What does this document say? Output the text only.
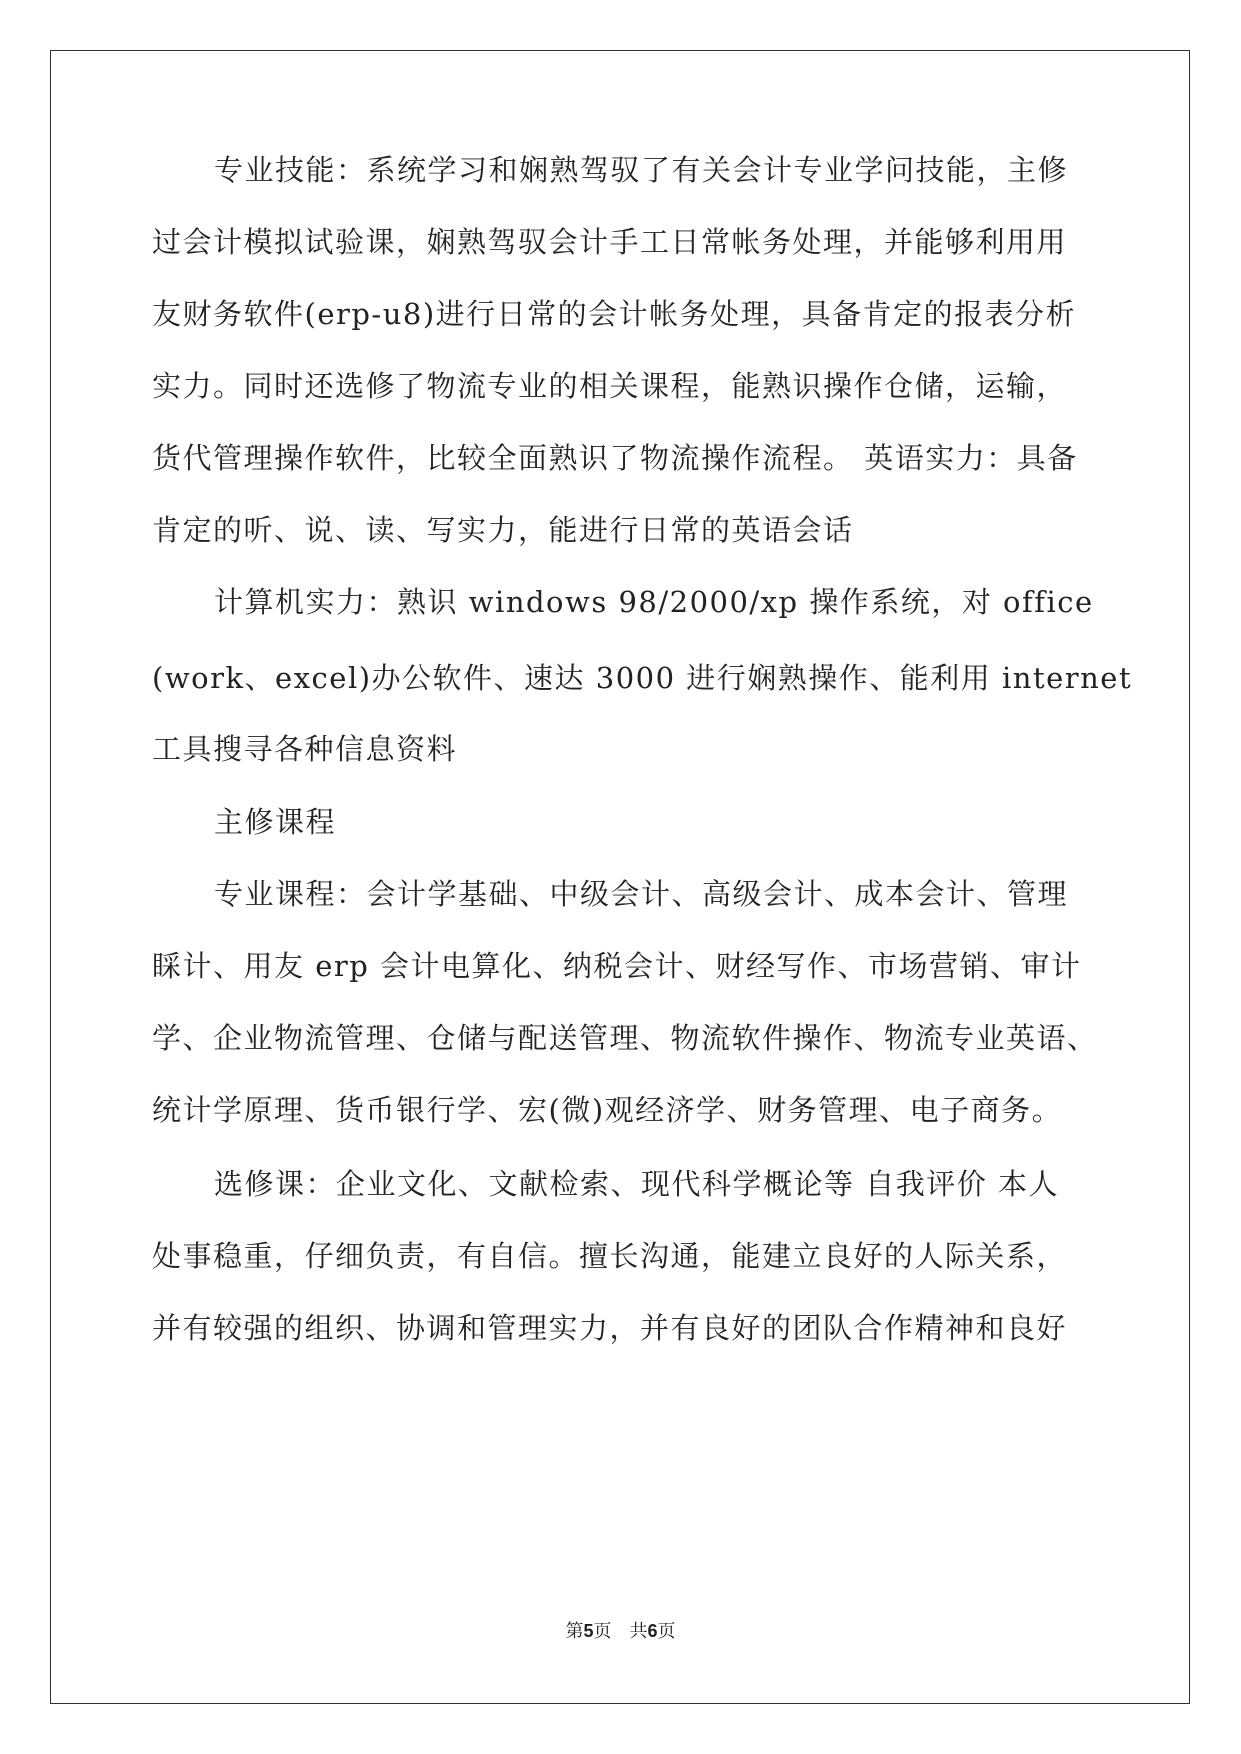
专业技能：系统学习和娴熟驾驭了有关会计专业学问技能，主修
过会计模拟试验课，娴熟驾驭会计手工日常帐务处理，并能够利用用
友财务软件(erp-u8)进行日常的会计帐务处理，具备肯定的报表分析
实力。同时还选修了物流专业的相关课程，能熟识操作仓储，运输，
货代管理操作软件，比较全面熟识了物流操作流程。 英语实力：具备
肯定的听、说、读、写实力，能进行日常的英语会话
计算机实力：熟识 windows 98/2000/xp 操作系统，对 office
(work、excel)办公软件、速达 3000 进行娴熟操作、能利用 internet
工具搜寻各种信息资料
主修课程
专业课程：会计学基础、中级会计、高级会计、成本会计、管理
睬计、用友 erp 会计电算化、纳税会计、财经写作、市场营销、审计
学、企业物流管理、仓储与配送管理、物流软件操作、物流专业英语、
统计学原理、货币银行学、宏(微)观经济学、财务管理、电子商务。
选修课：企业文化、文献检索、现代科学概论等 自我评价 本人
处事稳重，仔细负责，有自信。擅长沟通，能建立良好的人际关系，
并有较强的组织、协调和管理实力，并有良好的团队合作精神和良好
第5页　共6页
